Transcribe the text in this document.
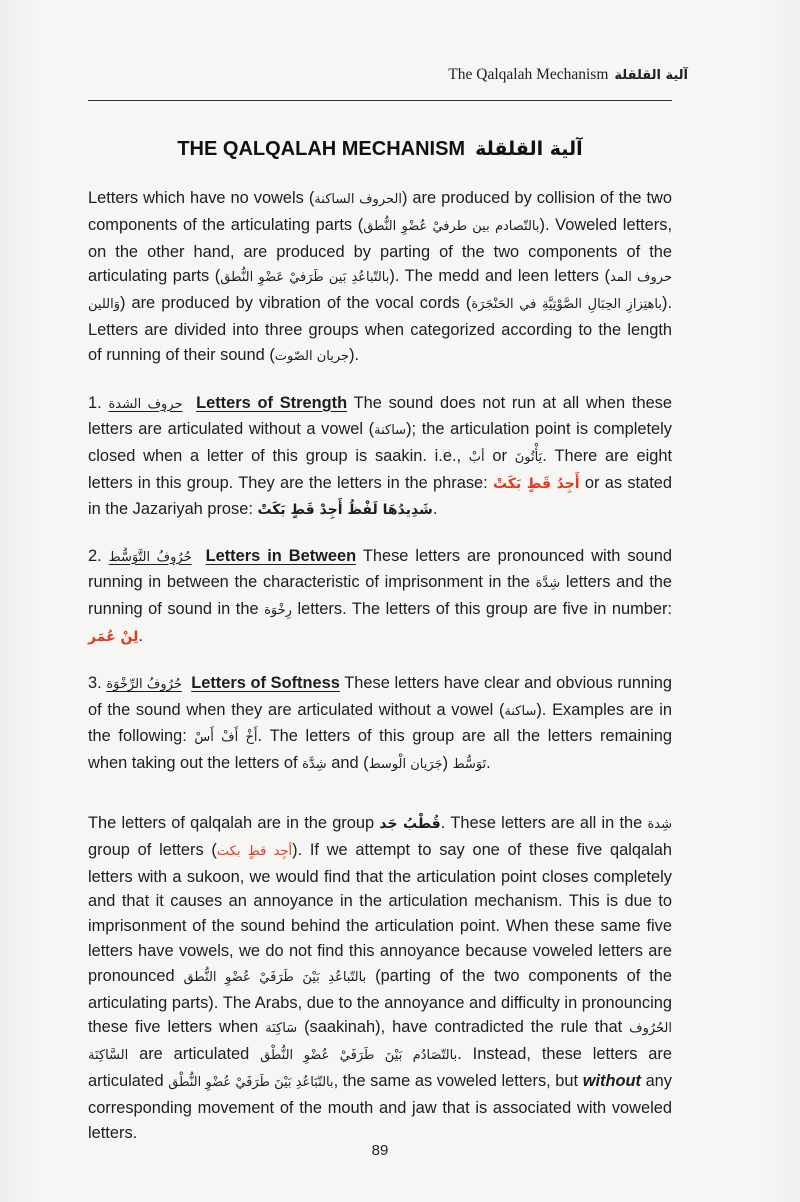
The Qalqalah Mechanism آلية القلقلة
THE QALQALAH MECHANISM آلية القلقلة

Letters which have no vowels (الحروف الساكنة) are produced by collision of the two components of the articulating parts (بالتّصادم بين طرفيْ عُضْوِ النُّطق). Voweled letters, on the other hand, are produced by parting of the two components of the articulating parts (بالتّباعُدِ بَين طَرَفيْ عَضْوِ النُّطق). The medd and leen letters (حروف المد وَاللين) are produced by vibration of the vocal cords (باهتِزازِ الحِبَالِ الصَّوْتِيَّةِ في الحَنْجَرَة). Letters are divided into three groups when categorized according to the length of running of their sound (جريان الصّوت).

1. حروف الشدة Letters of Strength The sound does not run at all when these letters are articulated without a vowel (ساكنة); the articulation point is completely closed when a letter of this group is saakin. i.e., أبْ or يَأْتُونَ. There are eight letters in this group. They are the letters in the phrase: أَجِدُ قَطٍ بَكَتْ or as stated in the Jazariyah prose: شَدِيدُهَا لَفْظُ أَجِدْ قَطٍ بَكَتْ.

2. حُرُوفُ التَّوَسُّط Letters in Between These letters are pronounced with sound running in between the characteristic of imprisonment in the شِدَّة letters and the running of sound in the رِخْوَة letters. The letters of this group are five in number: لِنْ عُمَر.

3. حُرُوفُ الرِّخْوَة Letters of Softness These letters have clear and obvious running of the sound when they are articulated without a vowel (ساكنة). Examples are in the following: أَخْ أَفْ أَسْ. The letters of this group are all the letters remaining when taking out the letters of شِدَّة and (جَرَيان الْوسط) تَوَسُّط.

The letters of qalqalah are in the group قُطْبُ جَد. These letters are all in the شِدة group of letters (أجِد قطٍ بكت). If we attempt to say one of these five qalqalah letters with a sukoon, we would find that the articulation point closes completely and that it causes an annoyance in the articulation mechanism. This is due to imprisonment of the sound behind the articulation point. When these same five letters have vowels, we do not find this annoyance because voweled letters are pronounced بالتّباعُدِ بَيْنَ طَرَفَيْ عُضْوِ النُّطق (parting of the two components of the articulating parts). The Arabs, due to the annoyance and difficulty in pronouncing these five letters when سَاكِنَة (saakinah), have contradicted the rule that الحُرُوف السَّاكِنَة are articulated بالتّصَادُم بَيْنَ طَرَفَيْ عُضْوِ النُّطْق. Instead, these letters are articulated بالتّبَاعُدِ بَيْنَ طَرَفَيْ عُضْوِ النُّطْق, the same as voweled letters, but without any corresponding movement of the mouth and jaw that is associated with voweled letters.

89
